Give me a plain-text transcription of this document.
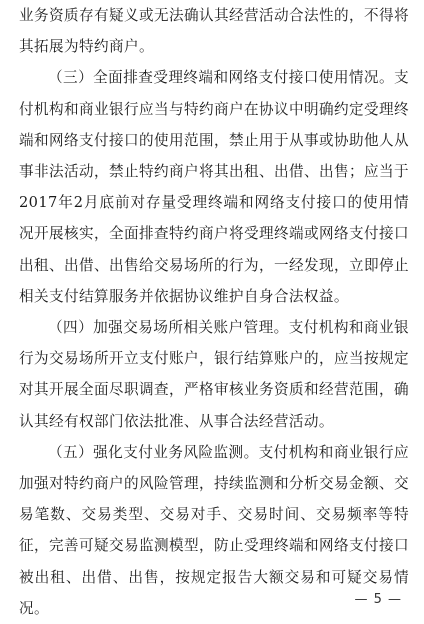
业务资质存有疑义或无法确认其经营活动合法性的，不得将其拓展为特约商户。

（三）全面排查受理终端和网络支付接口使用情况。支付机构和商业银行应当与特约商户在协议中明确约定受理终端和网络支付接口的使用范围，禁止用于从事或协助他人从事非法活动，禁止特约商户将其出租、出借、出售；应当于2017年2月底前对存量受理终端和网络支付接口的使用情况开展核实，全面排查特约商户将受理终端或网络支付接口出租、出借、出售给交易场所的行为，一经发现，立即停止相关支付结算服务并依据协议维护自身合法权益。

（四）加强交易场所相关账户管理。支付机构和商业银行为交易场所开立支付账户，银行结算账户的，应当按规定对其开展全面尽职调查，严格审核业务资质和经营范围，确认其经有权部门依法批准、从事合法经营活动。

（五）强化支付业务风险监测。支付机构和商业银行应加强对特约商户的风险管理，持续监测和分析交易金额、交易笔数、交易类型、交易对手、交易时间、交易频率等特征，完善可疑交易监测模型，防止受理终端和网络支付接口被出租、出借、出售，按规定报告大额交易和可疑交易情况。

— 5 —
